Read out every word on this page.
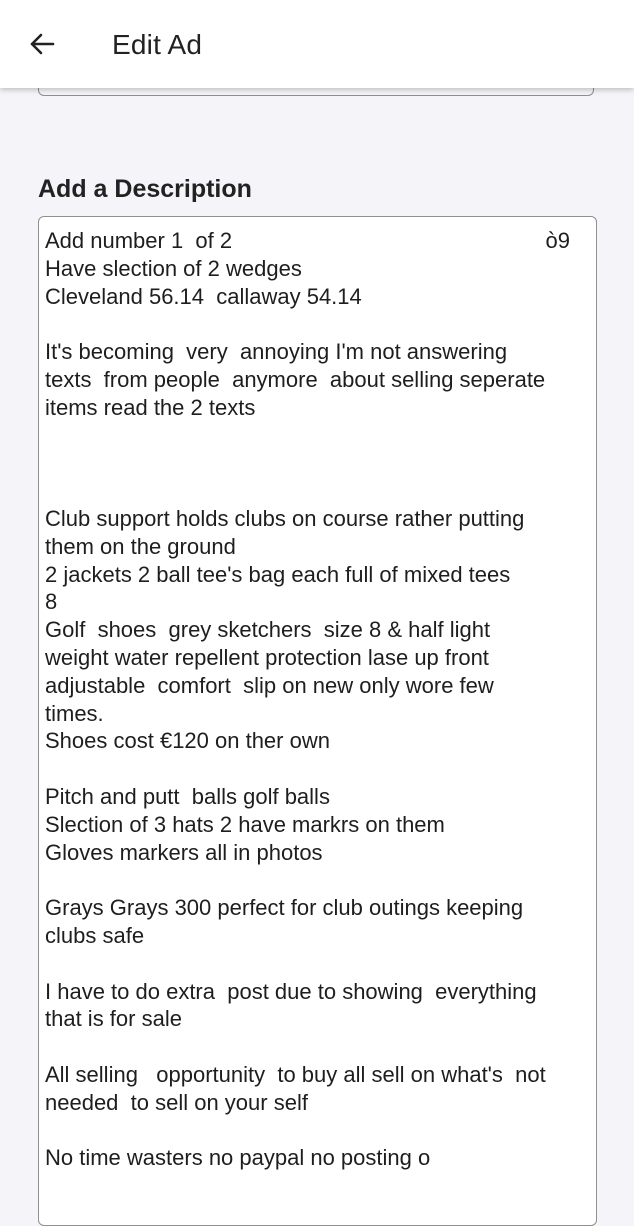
Edit Ad
Add a Description
Add number 1  of 2
Have slection of 2 wedges
Cleveland 56.14  callaway 54.14

It's becoming  very  annoying I'm not answering
texts  from people  anymore  about selling seperate
items read the 2 texts

Club support holds clubs on course rather putting
them on the ground
2 jackets 2 ball tee's bag each full of mixed tees
8
Golf  shoes  grey sketchers  size 8 & half light
weight water repellent protection lase up front
adjustable  comfort  slip on new only wore few
times.
Shoes cost €120 on ther own

Pitch and putt  balls golf balls
Slection of 3 hats 2 have markrs on them
Gloves markers all in photos

Grays Grays 300 perfect for club outings keeping
clubs safe

I have to do extra  post due to showing  everything
that is for sale

All selling   opportunity  to buy all sell on what's  not
needed  to sell on your self

No time wasters no paypal no posting o
ò9
